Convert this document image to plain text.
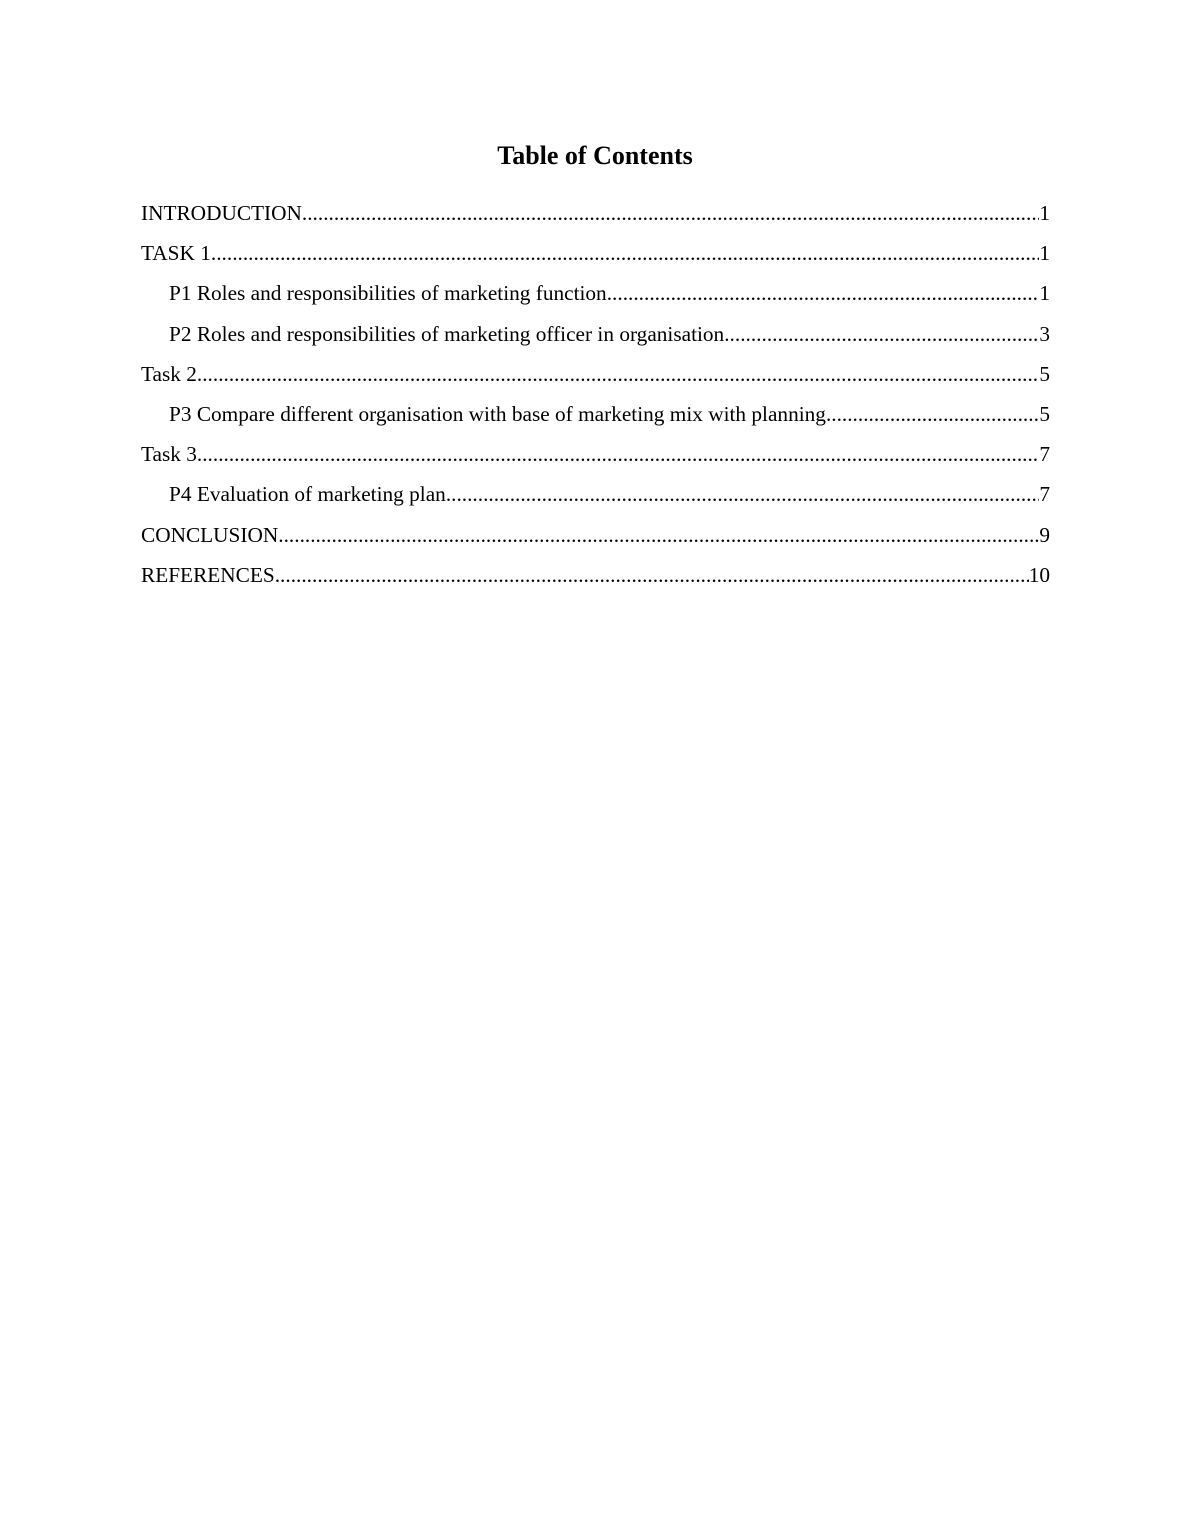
Table of Contents
INTRODUCTION .....	1
TASK 1 .....	1
P1 Roles and responsibilities of marketing function .....	1
P2 Roles and responsibilities of marketing officer in organisation .....	3
Task 2 .....	5
P3 Compare different organisation with base of marketing mix with planning .....	5
Task 3 .....	7
P4 Evaluation of marketing plan .....	7
CONCLUSION .....	9
REFERENCES .....	10
